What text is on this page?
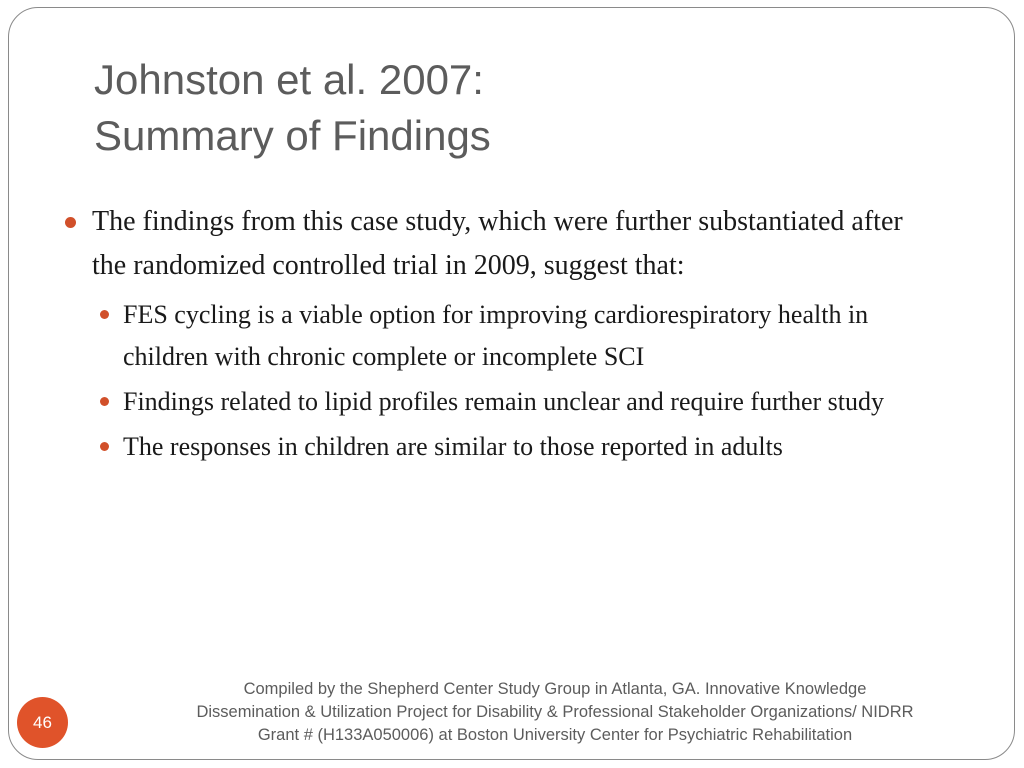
Johnston et al. 2007:
Summary of Findings
The findings from this case study, which were further substantiated after the randomized controlled trial in 2009, suggest that:
FES cycling is a viable option for improving cardiorespiratory health in children with chronic complete or incomplete SCI
Findings related to lipid profiles remain unclear and require further study
The responses in children are similar to those reported in adults
Compiled by the Shepherd Center Study Group in Atlanta, GA. Innovative Knowledge
Dissemination & Utilization Project for Disability & Professional Stakeholder Organizations/ NIDRR
Grant # (H133A050006) at Boston University Center for Psychiatric Rehabilitation
46
